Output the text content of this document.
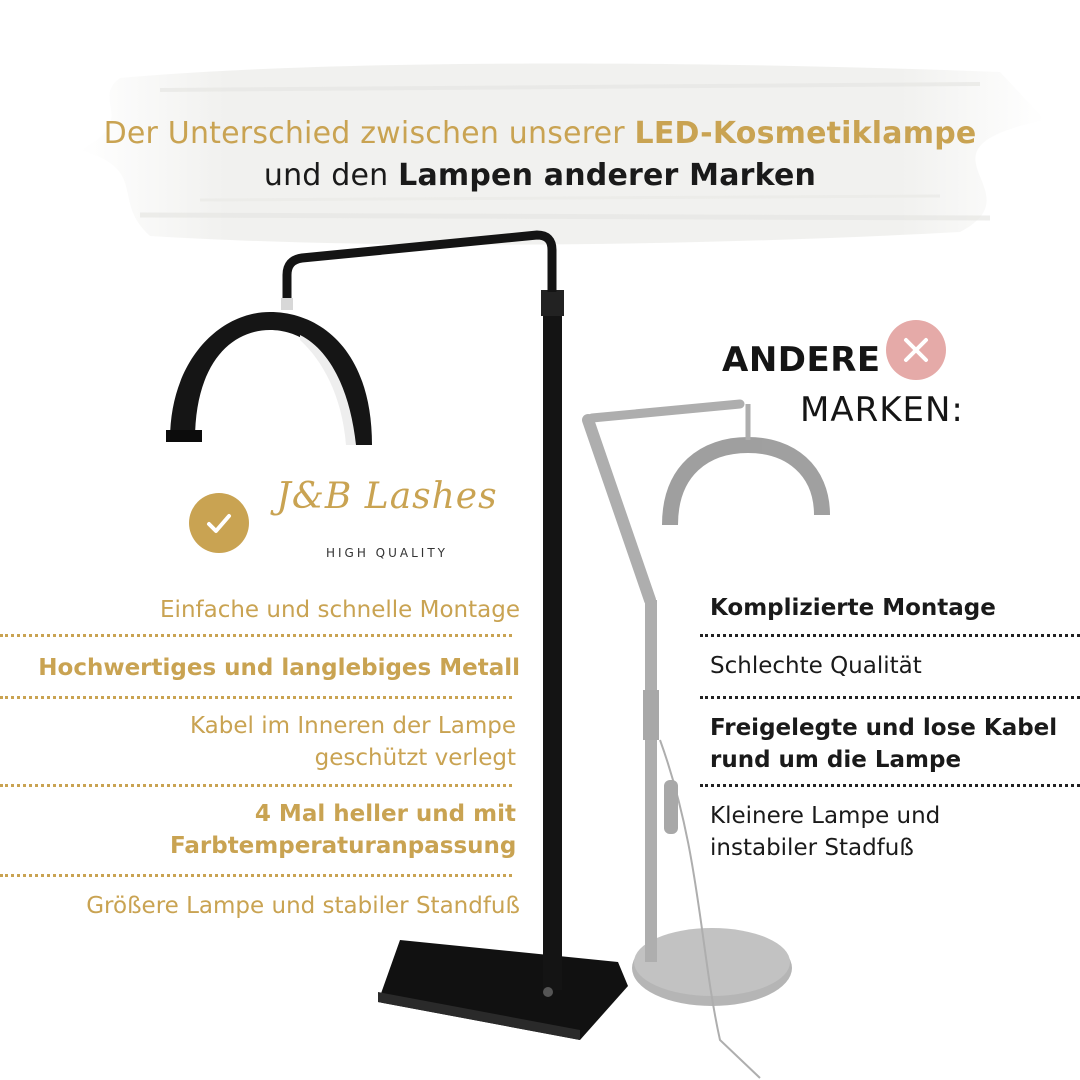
Der Unterschied zwischen unserer LED-Kosmetiklampe
und den Lampen anderer Marken
ANDERE
MARKEN:
J&B Lashes
HIGH QUALITY
Einfache und schnelle Montage
Hochwertiges und langlebiges Metall
Kabel im Inneren der Lampe geschützt verlegt
4 Mal heller und mit Farbtemperaturanpassung
Größere Lampe und stabiler Standfuß
Komplizierte Montage
Schlechte Qualität
Freigelegte und lose Kabel rund um die Lampe
Kleinere Lampe und instabiler Stadfuß
